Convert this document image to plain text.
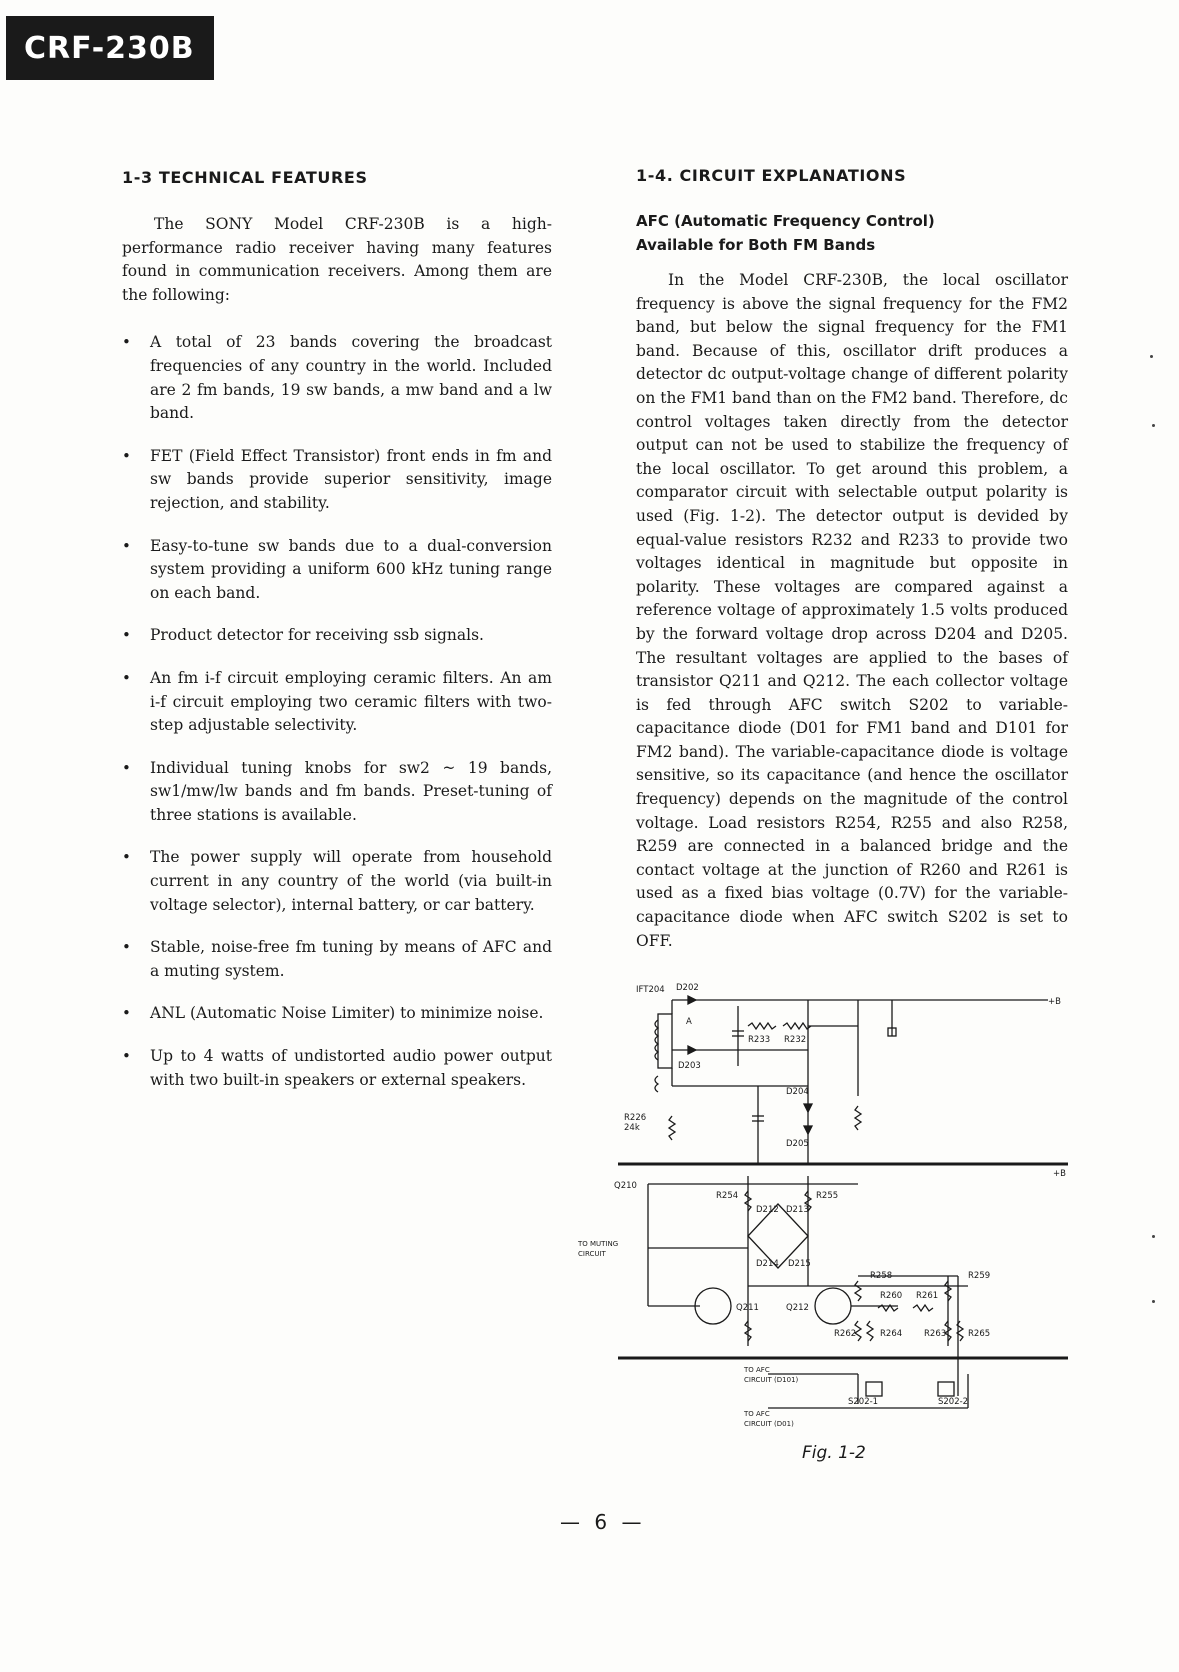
CRF-230B
1-3 TECHNICAL FEATURES

The SONY Model CRF-230B is a high-performance radio receiver having many features found in communication receivers. Among them are the following:

• A total of 23 bands covering the broadcast frequencies of any country in the world. Included are 2 fm bands, 19 sw bands, a mw band and a lw band.
• FET (Field Effect Transistor) front ends in fm and sw bands provide superior sensitivity, image rejection, and stability.
• Easy-to-tune sw bands due to a dual-conversion system providing a uniform 600 kHz tuning range on each band.
• Product detector for receiving ssb signals.
• An fm i-f circuit employing ceramic filters. An am i-f circuit employing two ceramic filters with two-step adjustable selectivity.
• Individual tuning knobs for sw2 ~ 19 bands, sw1/mw/lw bands and fm bands. Preset-tuning of three stations is available.
• The power supply will operate from household current in any country of the world (via built-in voltage selector), internal battery, or car battery.
• Stable, noise-free fm tuning by means of AFC and a muting system.
• ANL (Automatic Noise Limiter) to minimize noise.
• Up to 4 watts of undistorted audio power output with two built-in speakers or external speakers.
1-4. CIRCUIT EXPLANATIONS
AFC (Automatic Frequency Control)
Available for Both FM Bands

In the Model CRF-230B, the local oscillator frequency is above the signal frequency for the FM2 band, but below the signal frequency for the FM1 band. Because of this, oscillator drift produces a detector dc output-voltage change of different polarity on the FM1 band than on the FM2 band. Therefore, dc control voltages taken directly from the detector output can not be used to stabilize the frequency of the local oscillator. To get around this problem, a comparator circuit with selectable output polarity is used (Fig. 1-2). The detector output is devided by equal-value resistors R232 and R233 to provide two voltages identical in magnitude but opposite in polarity. These voltages are compared against a reference voltage of approximately 1.5 volts produced by the forward voltage drop across D204 and D205. The resultant voltages are applied to the bases of transistor Q211 and Q212. The each collector voltage is fed through AFC switch S202 to variable-capacitance diode (D01 for FM1 band and D101 for FM2 band). The variable-capacitance diode is voltage sensitive, so its capacitance (and hence the oscillator frequency) depends on the magnitude of the control voltage. Load resistors R254, R255 and also R258, R259 are connected in a balanced bridge and the contact voltage at the junction of R260 and R261 is used as a fixed bias voltage (0.7V) for the variable-capacitance diode when AFC switch S202 is set to OFF.

IFT204 D202
D203
A
R233 R232
+B
D204
D205
R226
24k
+B
Q210
R254	R255
D212 D213
D214 D215
TO MUTING
CIRCUIT
Q211	Q212
R258	R259
R260 R261
R262	R264	R263	R265
TO AFC
CIRCUIT (D101)
TO AFC
CIRCUIT (D01)
S202-1	S202-2
Fig. 1-2
— 6 —
